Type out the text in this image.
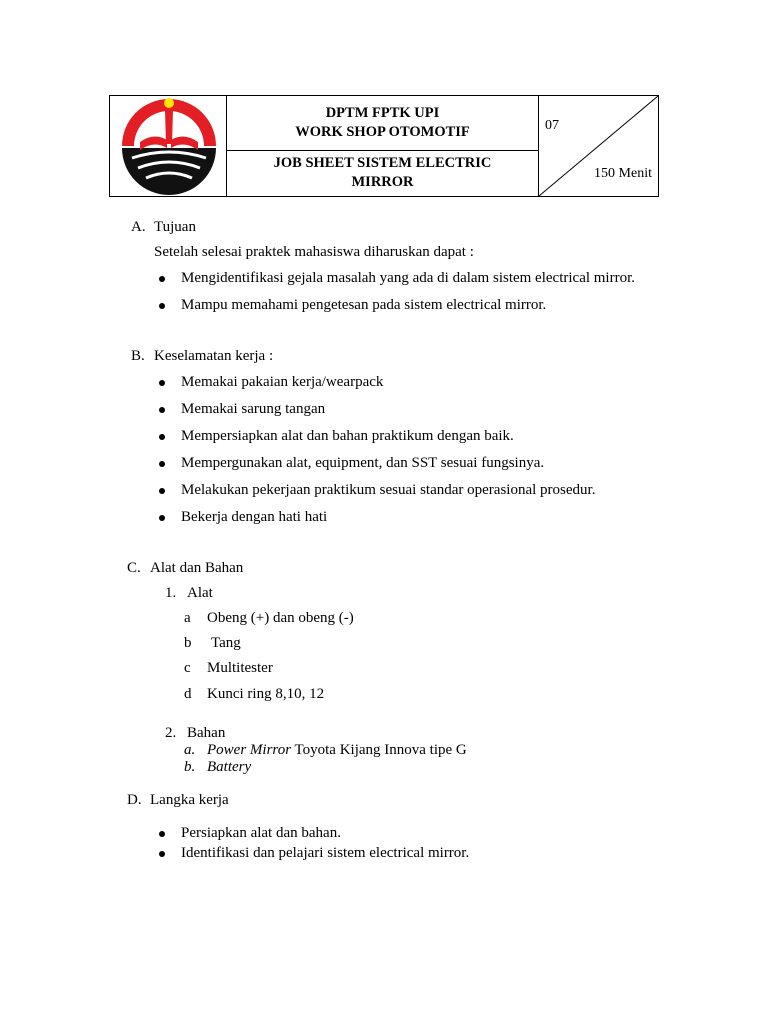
DPTM FPTK UPI
WORK SHOP OTOMOTIF
JOB SHEET SISTEM ELECTRIC
MIRROR
07
150 Menit
A. Tujuan
Setelah selesai praktek mahasiswa diharuskan dapat :
Mengidentifikasi gejala masalah yang ada di dalam sistem electrical mirror.
Mampu memahami pengetesan pada sistem electrical mirror.
B. Keselamatan kerja :
Memakai pakaian kerja/wearpack
Memakai sarung tangan
Mempersiapkan alat dan bahan praktikum dengan baik.
Mempergunakan alat, equipment, dan SST sesuai fungsinya.
Melakukan pekerjaan praktikum sesuai standar operasional prosedur.
Bekerja dengan hati hati
C. Alat dan Bahan
1. Alat
a Obeng (+) dan obeng (-)
b Tang
c Multitester
d Kunci ring 8,10, 12
2. Bahan
a. Power Mirror Toyota Kijang Innova tipe G
b. Battery
D. Langka kerja
Persiapkan alat dan bahan.
Identifikasi dan pelajari sistem electrical mirror.
